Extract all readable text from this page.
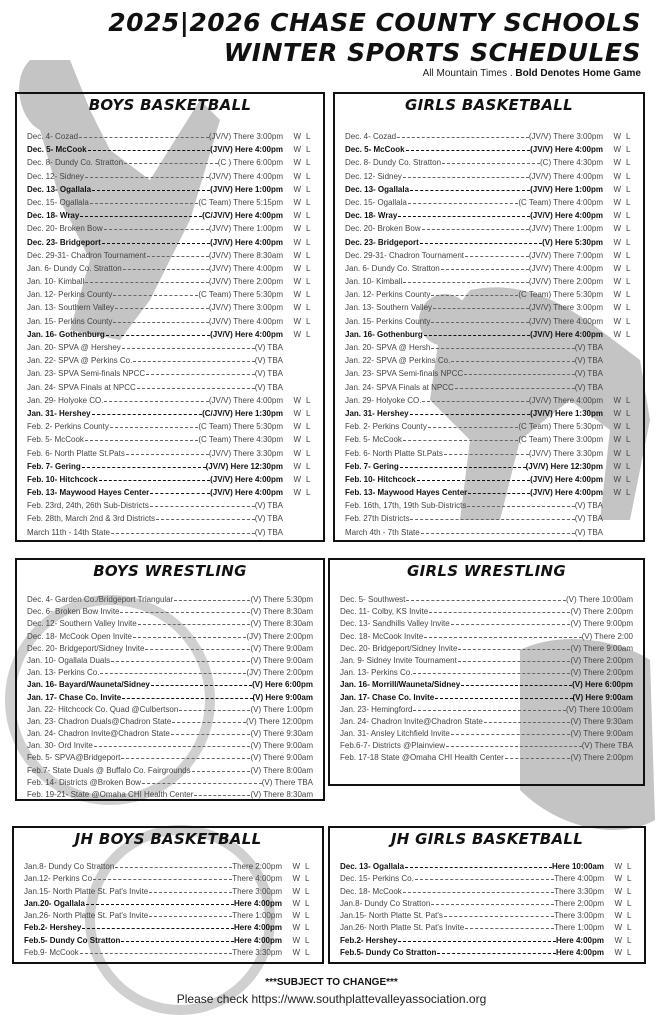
2025|2026 CHASE COUNTY SCHOOLS
WINTER SPORTS SCHEDULES
All Mountain Times . Bold Denotes Home Game
BOYS BASKETBALL
Dec. 4- Cozad	(JV/V) There 3:00pm W L
Dec. 5- McCook	(JV/V) Here 4:00pm W L
Dec. 8- Dundy Co. Stratton	(C ) There 6:00pm W L
Dec. 12- Sidney	(JV/V) There 4:00pm W L
Dec. 13- Ogallala	(JV/V) Here 1:00pm W L
Dec. 15- Ogallala	(C Team) There 5:15pm W L
Dec. 18- Wray	(C/JV/V) Here 4:00pm W L
Dec. 20- Broken Bow	(JV/V) There 1:00pm W L
Dec. 23- Bridgeport	(JV/V) Here 4:00pm W L
Dec. 29-31- Chadron Tournament	(JV/V) There 8:30am W L
Jan. 6- Dundy Co. Stratton	(JV/V) There 4:00pm W L
Jan. 10- Kimball	(JV/V) There 2:00pm W L
Jan. 12- Perkins County	(C Team) There 5:30pm W L
Jan. 13- Southern Valley	(JV/V) There 3:00pm W L
Jan. 15- Perkins County	(JV/V) There 4:00pm W L
Jan. 16- Gothenburg	(JV/V) Here 4:00pm W L
Jan. 20- SPVA @ Hershey	(V) TBA
Jan. 22- SPVA @ Perkins Co.	(V) TBA
Jan. 23- SPVA Semi-finals NPCC	(V) TBA
Jan. 24- SPVA Finals at NPCC	(V) TBA
Jan. 29- Holyoke CO.	(JV/V) There 4:00pm W L
Jan. 31- Hershey	(C/JV/V) Here 1:30pm W L
Feb. 2- Perkins County	(C Team) There 5:30pm W L
Feb. 5- McCook	(C Team) There 4:30pm W L
Feb. 6- North Platte St.Pats	(JV/V) There 3:30pm W L
Feb. 7- Gering	(JV/V) Here 12:30pm W L
Feb. 10- Hitchcock	(JV/V) Here 4:00pm W L
Feb. 13- Maywood Hayes Center	(JV/V) Here 4:00pm W L
Feb. 23rd, 24th, 26th Sub-Districts	(V) TBA
Feb. 28th, March 2nd & 3rd Districts	(V) TBA
March 11th - 14th State	(V) TBA
GIRLS BASKETBALL
Dec. 4- Cozad	(JV/V) There 3:00pm W L
Dec. 5- McCook	(JV/V) Here 4:00pm W L
Dec. 8- Dundy Co. Stratton	(C) There 4:30pm W L
Dec. 12- Sidney	(JV/V) There 4:00pm W L
Dec. 13- Ogallala	(JV/V) Here 1:00pm W L
Dec. 15- Ogallala	(C Team) There 4:00pm W L
Dec. 18- Wray	(JV/V) Here 4:00pm W L
Dec. 20- Broken Bow	(JV/V) There 1:00pm W L
Dec. 23- Bridgeport	(V) Here 5:30pm W L
Dec. 29-31- Chadron Tournament	(JV/V) There 7:00pm W L
Jan. 6- Dundy Co. Stratton	(JV/V) There 4:00pm W L
Jan. 10- Kimball	(JV/V) There 2:00pm W L
Jan. 12- Perkins County	(C Team) There 5:30pm W L
Jan. 13- Southern Valley	(JV/V) There 3:00pm W L
Jan. 15- Perkins County	(JV/V) There 4:00pm W L
Jan. 16- Gothenburg	(JV/V) Here 4:00pm W L
Jan. 20- SPVA @ Hersh	(V) TBA
Jan. 22- SPVA @ Perkins Co.	(V) TBA
Jan. 23- SPVA Semi-finals NPCC	(V) TBA
Jan. 24- SPVA Finals at NPCC	(V) TBA
Jan. 29- Holyoke CO.	(JV/V) There 4:00pm W L
Jan. 31- Hershey	(JV/V) Here 1:30pm W L
Feb. 2- Perkins County	(C Team) There 5:30pm W L
Feb. 5- McCook	(C Team) There 3:00pm W L
Feb. 6- North Platte St.Pats	(JV/V) There 3:30pm W L
Feb. 7- Gering	(JV/V) Here 12:30pm W L
Feb. 10- Hitchcock	(JV/V) Here 4:00pm W L
Feb. 13- Maywood Hayes Center	(JV/V) Here 4:00pm W L
Feb. 16th, 17th, 19th Sub-Districts	(V) TBA
Feb. 27th Districts	(V) TBA
March 4th - 7th State	(V) TBA
BOYS WRESTLING
Dec. 4- Garden Co./Bridgeport Triangular	(V) There 5:30pm
Dec. 6- Broken Bow Invite	(V) There 8:30am
Dec. 12- Southern Valley Invite	(V) There 8:30am
Dec. 18- McCook Open Invite	(JV) There 2:00pm
Dec. 20- Bridgeport/Sidney Invite	(V) There 9:00am
Jan. 10- Ogallala Duals	(V) There 9:00am
Jan. 13- Perkins Co.	(JV) There 2:00pm
Jan. 16- Bayard/Wauneta/Sidney	(V) Here 6:00pm
Jan. 17- Chase Co. Invite	(V) Here 9:00am
Jan. 22- Hitchcock Co. Quad @Culbertson	(V) There 1:00pm
Jan. 23- Chadron Duals@Chadron State	(V) There 12:00pm
Jan. 24- Chadron Invite@Chadron State	(V) There 9:30am
Jan. 30- Ord Invite	(V) There 9:00am
Feb. 5- SPVA@Bridgeport	(V) There 9:00am
Feb.7- State Duals @ Buffalo Co. Fairgrounds	(V) There 8:00am
Feb. 14- Districts @Broken Bow	(V) There TBA
Feb. 19-21- State @Omaha CHI Health Center	(V) There 8:30am
GIRLS WRESTLING
Dec. 5- Southwest	(V) There 10:00am
Dec. 11- Colby, KS Invite	(V) There 2:00pm
Dec. 13- Sandhills Valley Invite	(V) There 9:00pm
Dec. 18- McCook Invite	(V) There 2:00
Dec. 20- Bridgeport/Sidney Invite	(V) There 9:00am
Jan. 9- Sidney Invite Tournament	(V) There 2:00pm
Jan. 13- Perkins Co.	(V) There 2:00pm
Jan. 16- Morrill/Wauneta/Sidney	(V) Here 6:00pm
Jan. 17- Chase Co. Invite	(V) Here 9:00am
Jan. 23- Hemingford	(V) There 10:00am
Jan. 24- Chadron Invite@Chadron State	(V) There 9:30am
Jan. 31- Ansley Litchfield Invite	(V) There 9:00am
Feb.6-7- Districts @Plainview	(V) There TBA
Feb. 17-18 State @Omaha CHI Health Center	(V) There 2:00pm
JH BOYS BASKETBALL
Jan.8- Dundy Co Stratton	There 2:00pm W L
Jan.12- Perkins Co	There 4:00pm W L
Jan.15- North Platte St. Pat's Invite	There 3:00pm W L
Jan.20- Ogallala	Here 4:00pm W L
Jan.26- North Platte St. Pat's Invite	There 1:00pm W L
Feb.2- Hershey	Here 4:00pm W L
Feb.5- Dundy Co Stratton	Here 4:00pm W L
Feb.9- McCook	There 3:30pm W L
JH GIRLS BASKETBALL
Dec. 13- Ogallala	Here 10:00am W L
Dec. 15- Perkins Co.	There 4:00pm W L
Dec. 18- McCook	There 3:30pm W L
Jan.8- Dundy Co Stratton	There 2:00pm W L
Jan.15- North Platte St. Pat's	There 3:00pm W L
Jan.26- North Platte St. Pat's Invite	There 1:00pm W L
Feb.2- Hershey	Here 4:00pm W L
Feb.5- Dundy Co Stratton	Here 4:00pm W L
***SUBJECT TO CHANGE***
Please check https://www.southplattevalleyassociation.org
